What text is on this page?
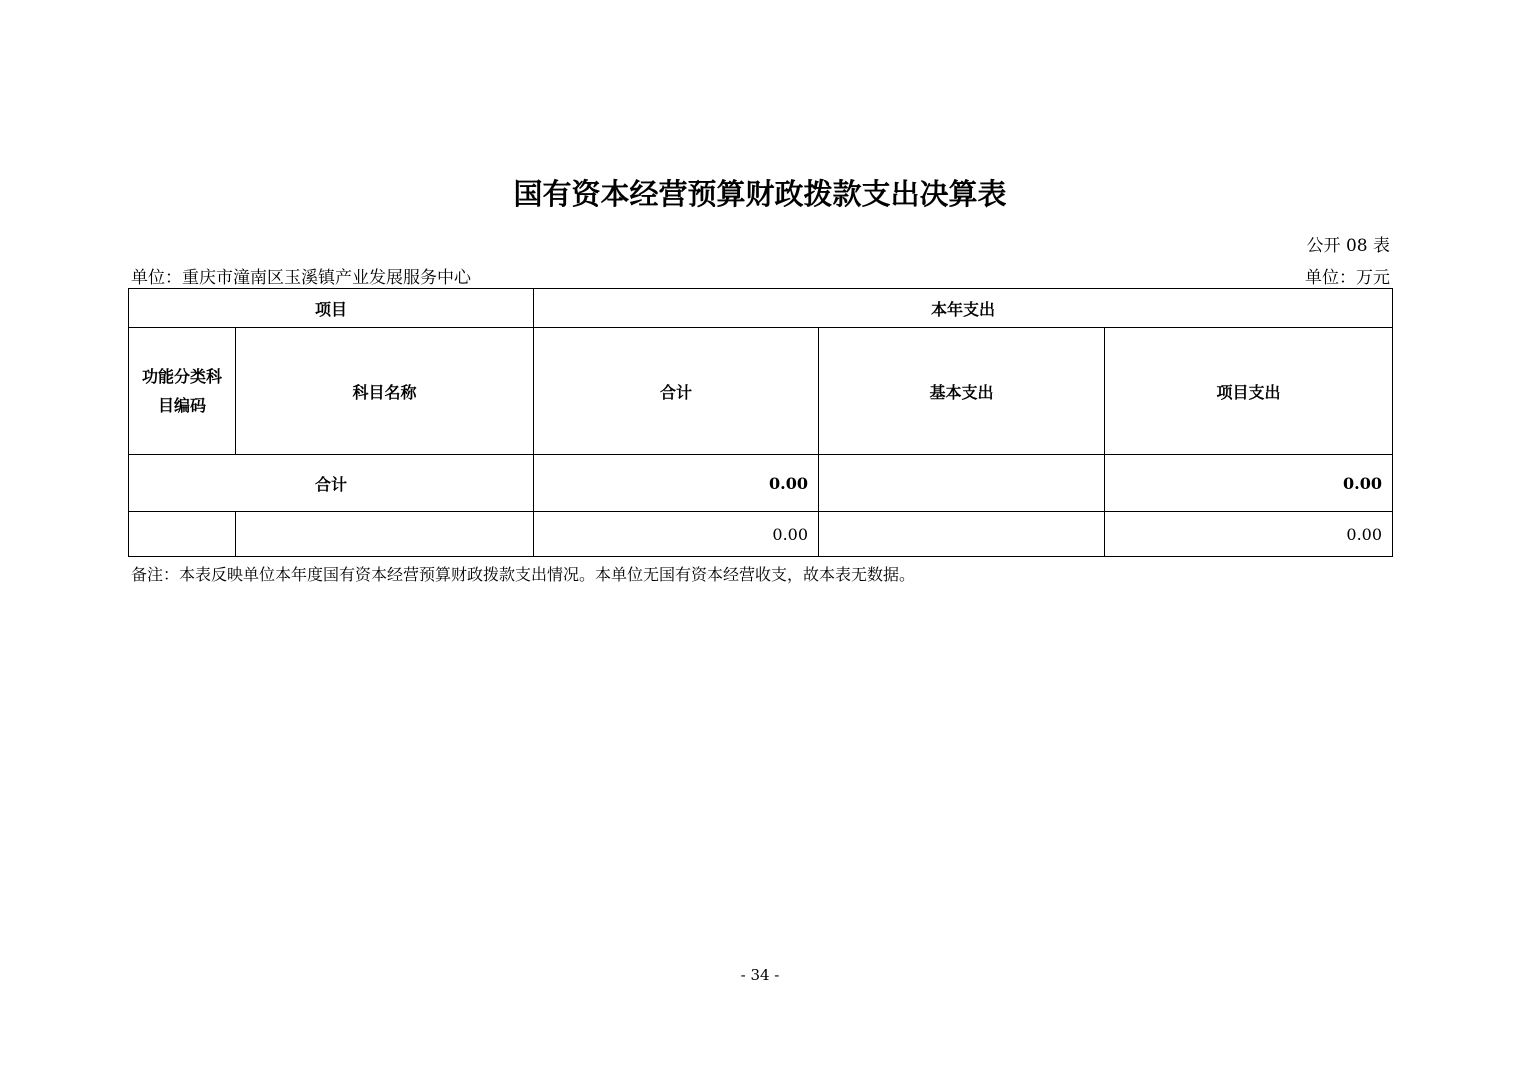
国有资本经营预算财政拨款支出决算表
公开 08 表
单位：重庆市潼南区玉溪镇产业发展服务中心	单位：万元
项目		本年支出		
功能分类科
目编码	科目名称	合计	基本支出	项目支出
合计		0.00		0.00
		0.00		0.00
备注：本表反映单位本年度国有资本经营预算财政拨款支出情况。本单位无国有资本经营收支，故本表无数据。
- 34 -
